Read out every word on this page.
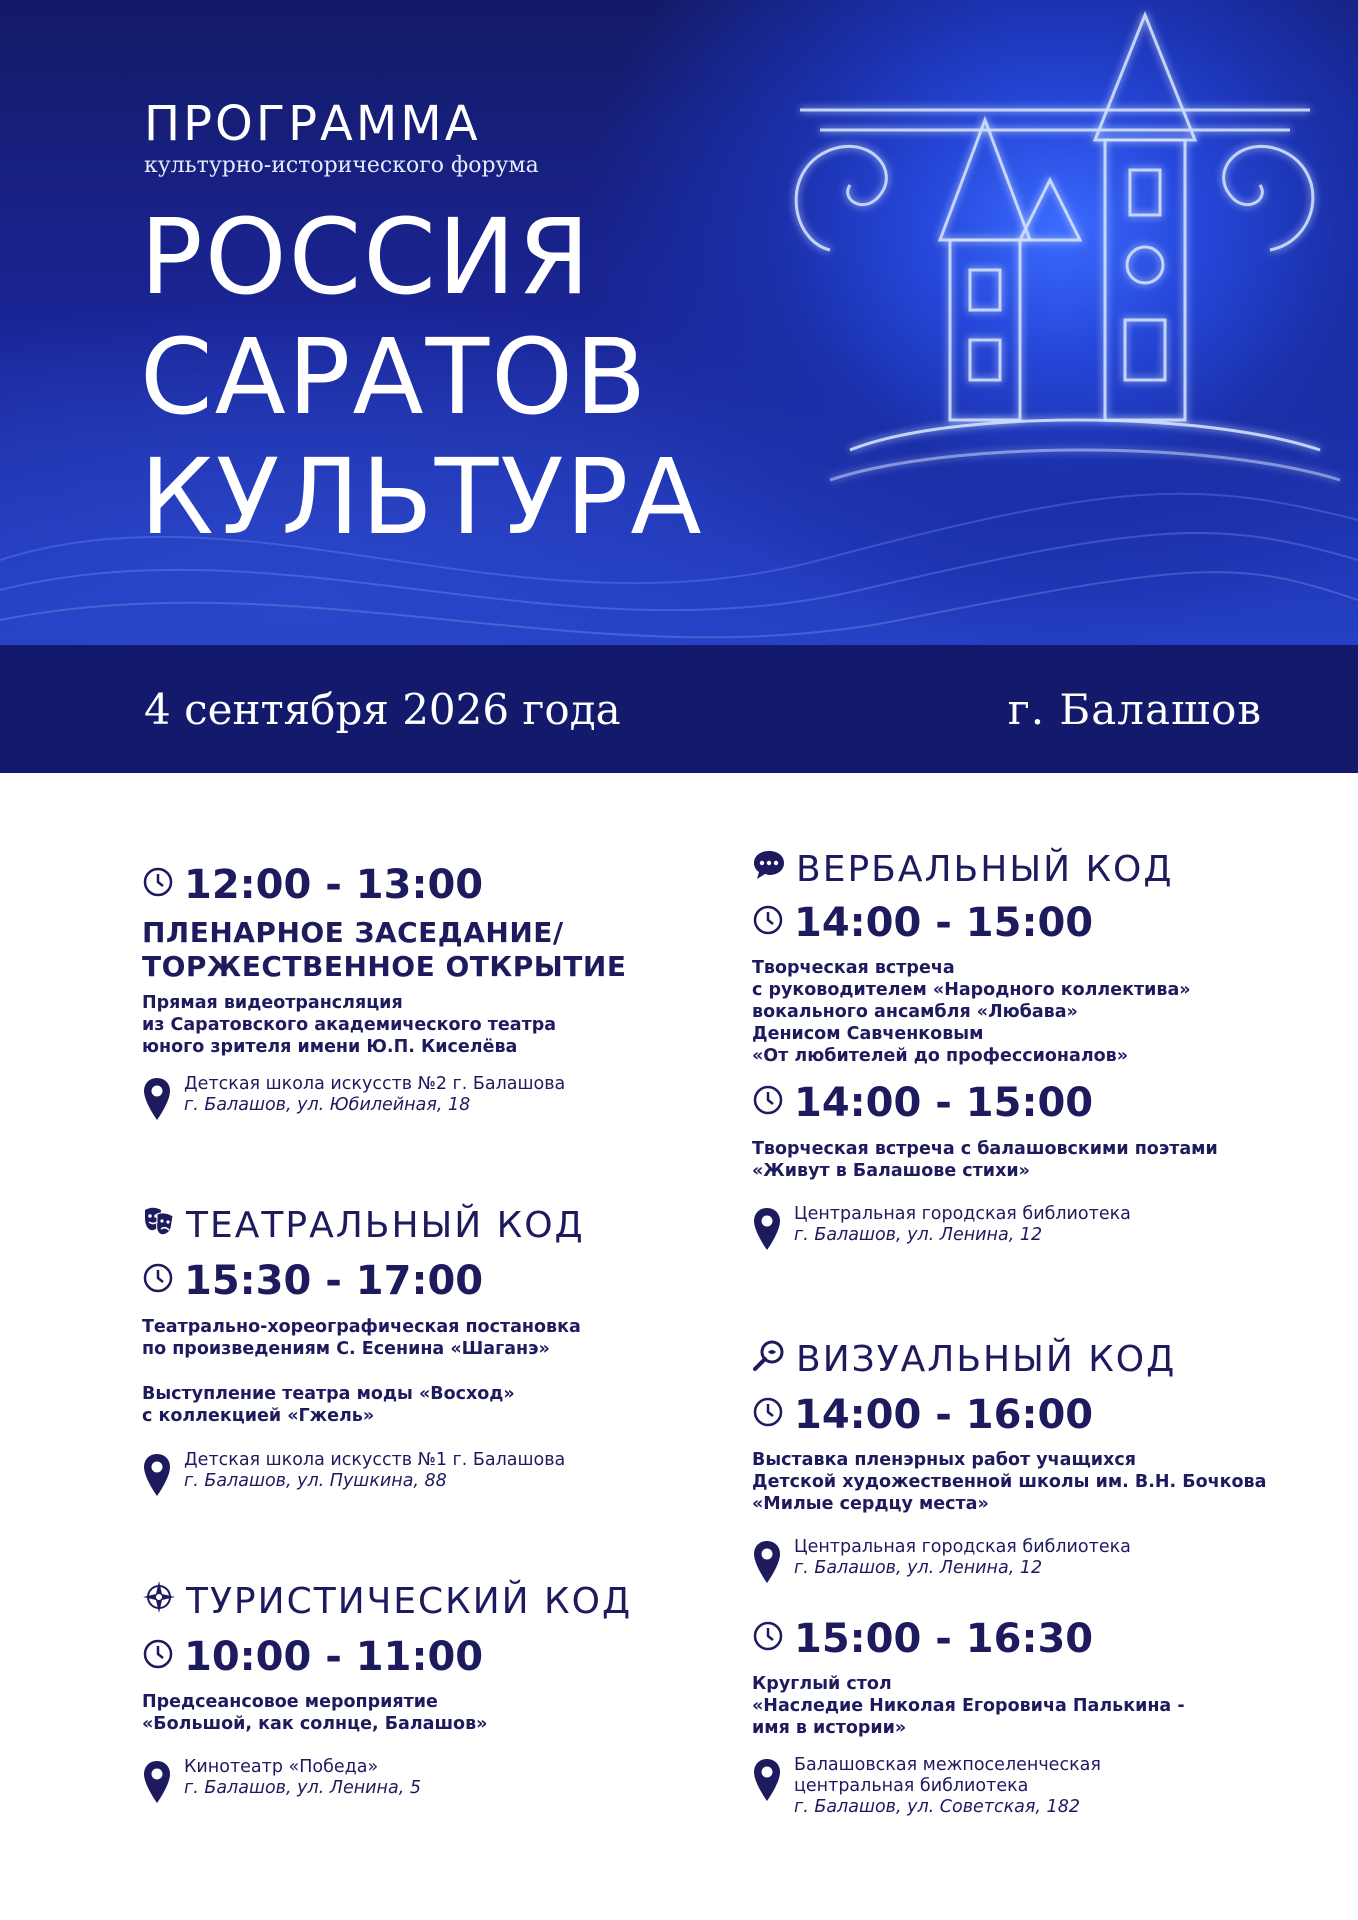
ПРОГРАММА
культурно-исторического форума
РОССИЯ
САРАТОВ
КУЛЬТУРА
4 сентября 2026 года	г. Балашов
12:00 - 13:00
ПЛЕНАРНОЕ ЗАСЕДАНИЕ/
ТОРЖЕСТВЕННОЕ ОТКРЫТИЕ
Прямая видеотрансляция
из Саратовского академического театра
юного зрителя имени Ю.П. Киселёва
Детская школа искусств №2 г. Балашова
г. Балашов, ул. Юбилейная, 18
ТЕАТРАЛЬНЫЙ КОД
15:30 - 17:00
Театрально-хореографическая постановка
по произведениям С. Есенина «Шаганэ»
Выступление театра моды «Восход»
с коллекцией «Гжель»
Детская школа искусств №1 г. Балашова
г. Балашов, ул. Пушкина, 88
ТУРИСТИЧЕСКИЙ КОД
10:00 - 11:00
Предсеансовое мероприятие
«Большой, как солнце, Балашов»
Кинотеатр «Победа»
г. Балашов, ул. Ленина, 5
ВЕРБАЛЬНЫЙ КОД
14:00 - 15:00
Творческая встреча
с руководителем «Народного коллектива»
вокального ансамбля «Любава»
Денисом Савченковым
«От любителей до профессионалов»
14:00 - 15:00
Творческая встреча с балашовскими поэтами
«Живут в Балашове стихи»
Центральная городская библиотека
г. Балашов, ул. Ленина, 12
ВИЗУАЛЬНЫЙ КОД
14:00 - 16:00
Выставка пленэрных работ учащихся
Детской художественной школы им. В.Н. Бочкова
«Милые сердцу места»
Центральная городская библиотека
г. Балашов, ул. Ленина, 12
15:00 - 16:30
Круглый стол
«Наследие Николая Егоровича Палькина -
имя в истории»
Балашовская межпоселенческая
центральная библиотека
г. Балашов, ул. Советская, 182
